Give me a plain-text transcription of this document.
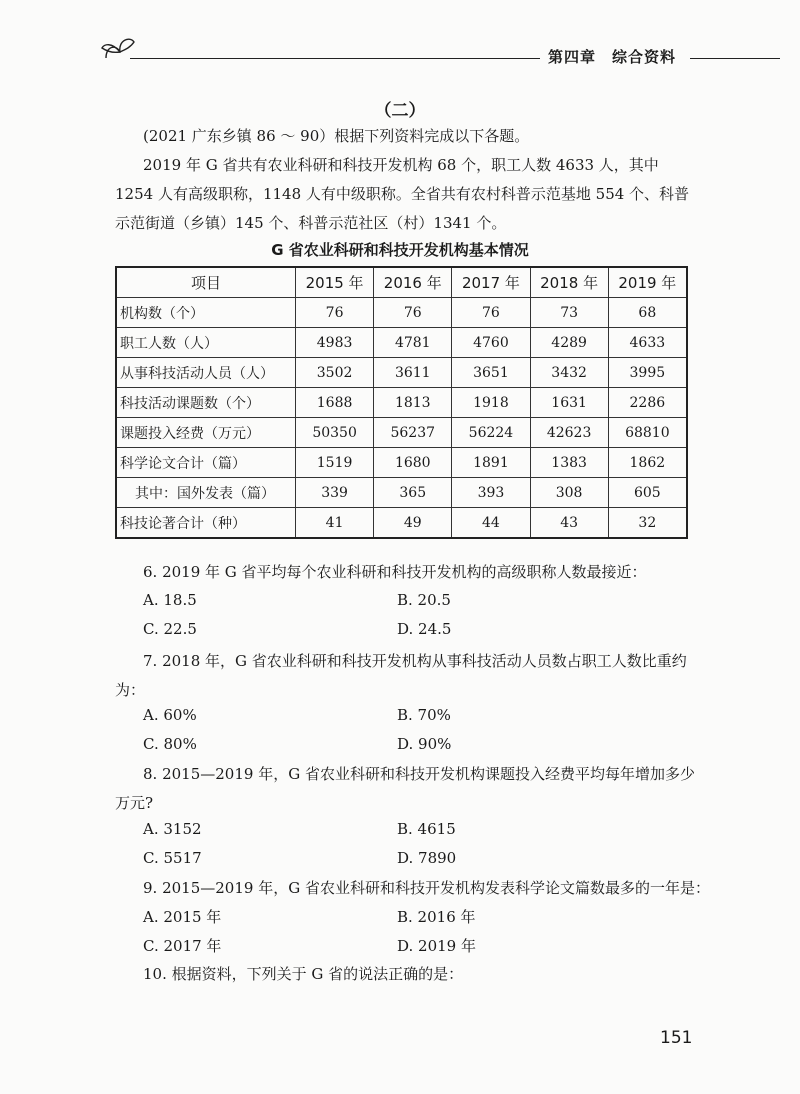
第四章　综合资料
（二）
(2021 广东乡镇 86 ～ 90）根据下列资料完成以下各题。
2019 年 G 省共有农业科研和科技开发机构 68 个，职工人数 4633 人，其中 1254 人有高级职称，1148 人有中级职称。全省共有农村科普示范基地 554 个、科普示范街道（乡镇）145 个、科普示范社区（村）1341 个。
G 省农业科研和科技开发机构基本情况
项目	2015 年	2016 年	2017 年	2018 年	2019 年
机构数（个）	76	76	76	73	68
职工人数（人）	4983	4781	4760	4289	4633
从事科技活动人员（人）	3502	3611	3651	3432	3995
科技活动课题数（个）	1688	1813	1918	1631	2286
课题投入经费（万元）	50350	56237	56224	42623	68810
科学论文合计（篇）	1519	1680	1891	1383	1862
其中：国外发表（篇）	339	365	393	308	605
科技论著合计（种）	41	49	44	43	32
6. 2019 年 G 省平均每个农业科研和科技开发机构的高级职称人数最接近：
A. 18.5	B. 20.5
C. 22.5	D. 24.5
7. 2018 年，G 省农业科研和科技开发机构从事科技活动人员数占职工人数比重约为：
A. 60%	B. 70%
C. 80%	D. 90%
8. 2015—2019 年，G 省农业科研和科技开发机构课题投入经费平均每年增加多少万元?
A. 3152	B. 4615
C. 5517	D. 7890
9. 2015—2019 年，G 省农业科研和科技开发机构发表科学论文篇数最多的一年是：
A. 2015 年	B. 2016 年
C. 2017 年	D. 2019 年
10. 根据资料，下列关于 G 省的说法正确的是：
151
